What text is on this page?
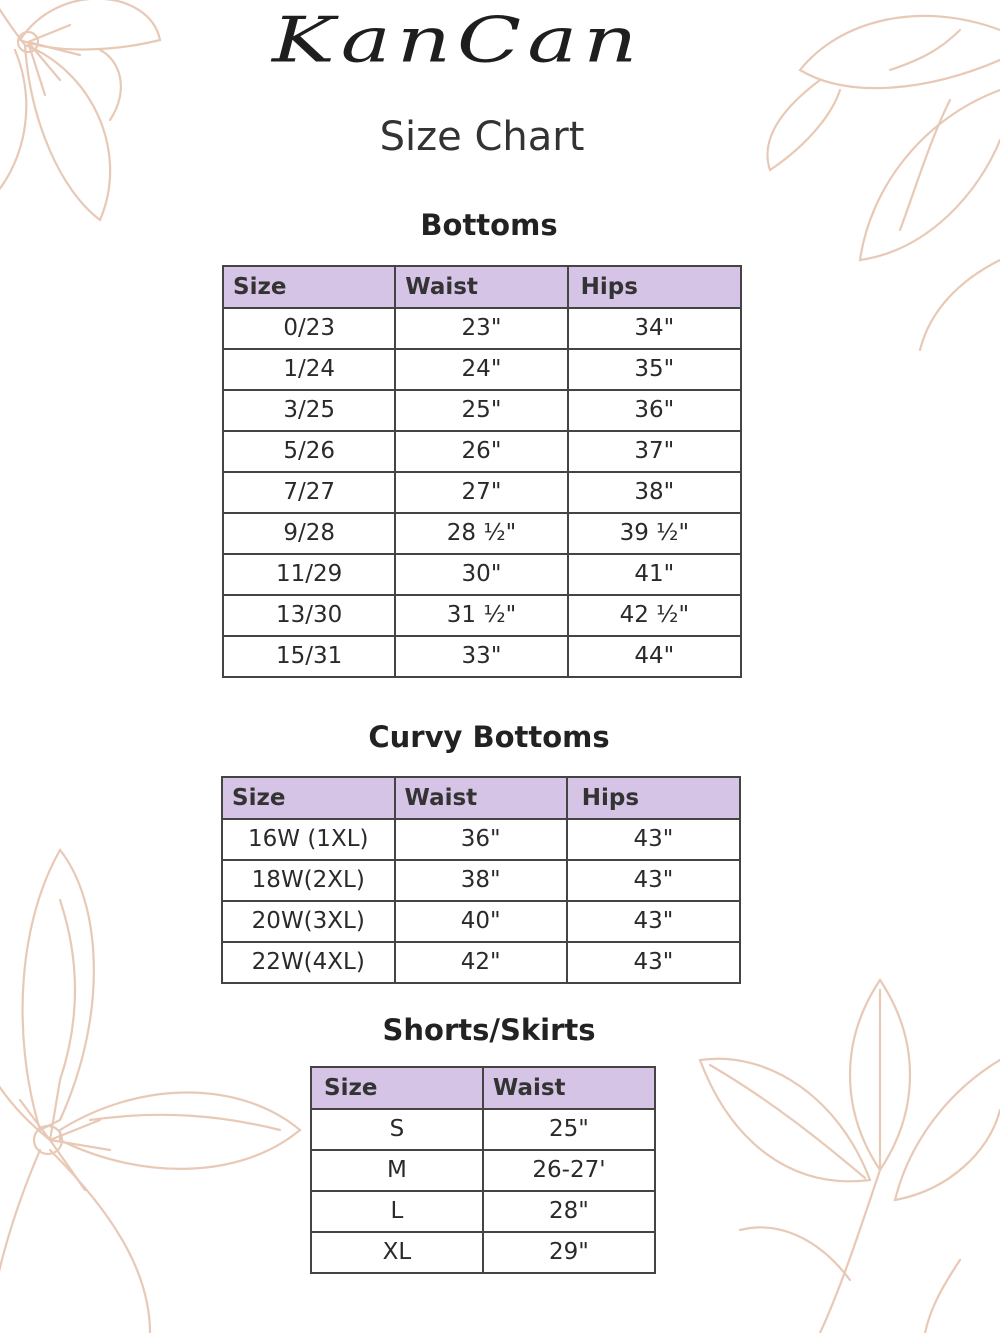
KanCan
Size Chart
Bottoms
Size	Waist	Hips
0/23	23"	34"
1/24	24"	35"
3/25	25"	36"
5/26	26"	37"
7/27	27"	38"
9/28	28 ½"	39 ½"
11/29	30"	41"
13/30	31 ½"	42 ½"
15/31	33"	44"
Curvy Bottoms
Size	Waist	Hips
16W (1XL)	36"	43"
18W(2XL)	38"	43"
20W(3XL)	40"	43"
22W(4XL)	42"	43"
Shorts/Skirts
Size	Waist
S	25"
M	26-27'
L	28"
XL	29"
